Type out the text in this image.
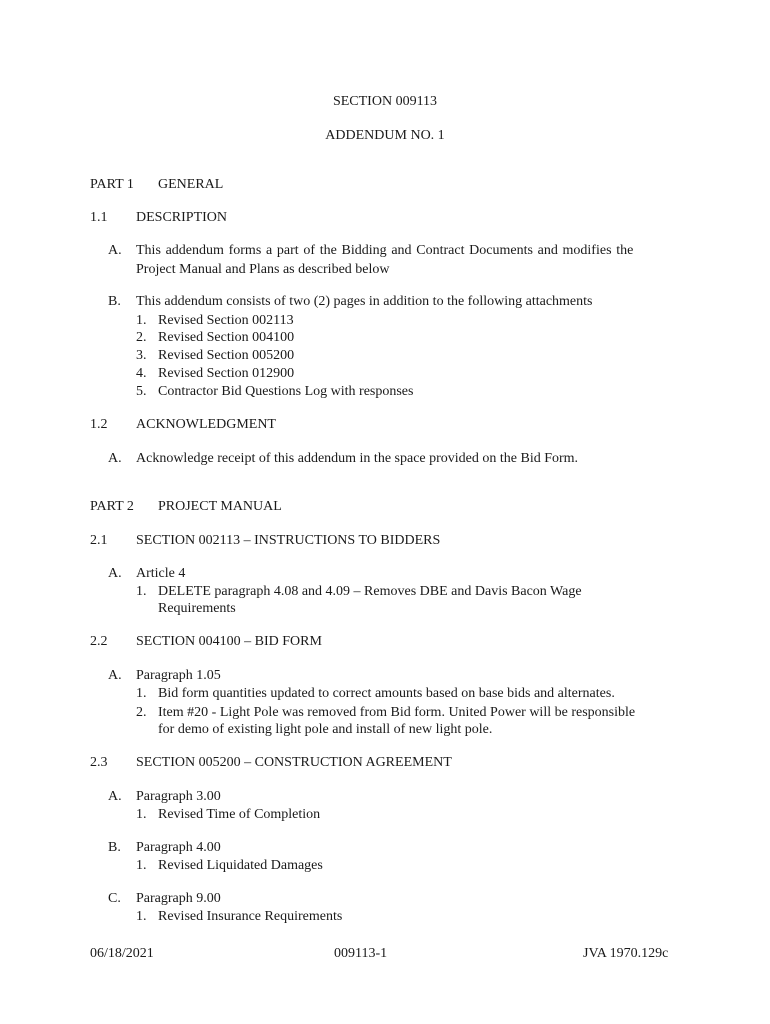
SECTION 009113
ADDENDUM NO. 1
PART 1 GENERAL
1.1 DESCRIPTION
A. This addendum forms a part of the Bidding and Contract Documents and modifies the
Project Manual and Plans as described below
B. This addendum consists of two (2) pages in addition to the following attachments
1. Revised Section 002113
2. Revised Section 004100
3. Revised Section 005200
4. Revised Section 012900
5. Contractor Bid Questions Log with responses
1.2 ACKNOWLEDGMENT
A. Acknowledge receipt of this addendum in the space provided on the Bid Form.
PART 2 PROJECT MANUAL
2.1 SECTION 002113 – INSTRUCTIONS TO BIDDERS
A. Article 4
1. DELETE paragraph 4.08 and 4.09 – Removes DBE and Davis Bacon Wage
Requirements
2.2 SECTION 004100 – BID FORM
A. Paragraph 1.05
1. Bid form quantities updated to correct amounts based on base bids and alternates.
2. Item #20 - Light Pole was removed from Bid form. United Power will be responsible
for demo of existing light pole and install of new light pole.
2.3 SECTION 005200 – CONSTRUCTION AGREEMENT
A. Paragraph 3.00
1. Revised Time of Completion
B. Paragraph 4.00
1. Revised Liquidated Damages
C. Paragraph 9.00
1. Revised Insurance Requirements
06/18/2021	009113-1	JVA 1970.129c
